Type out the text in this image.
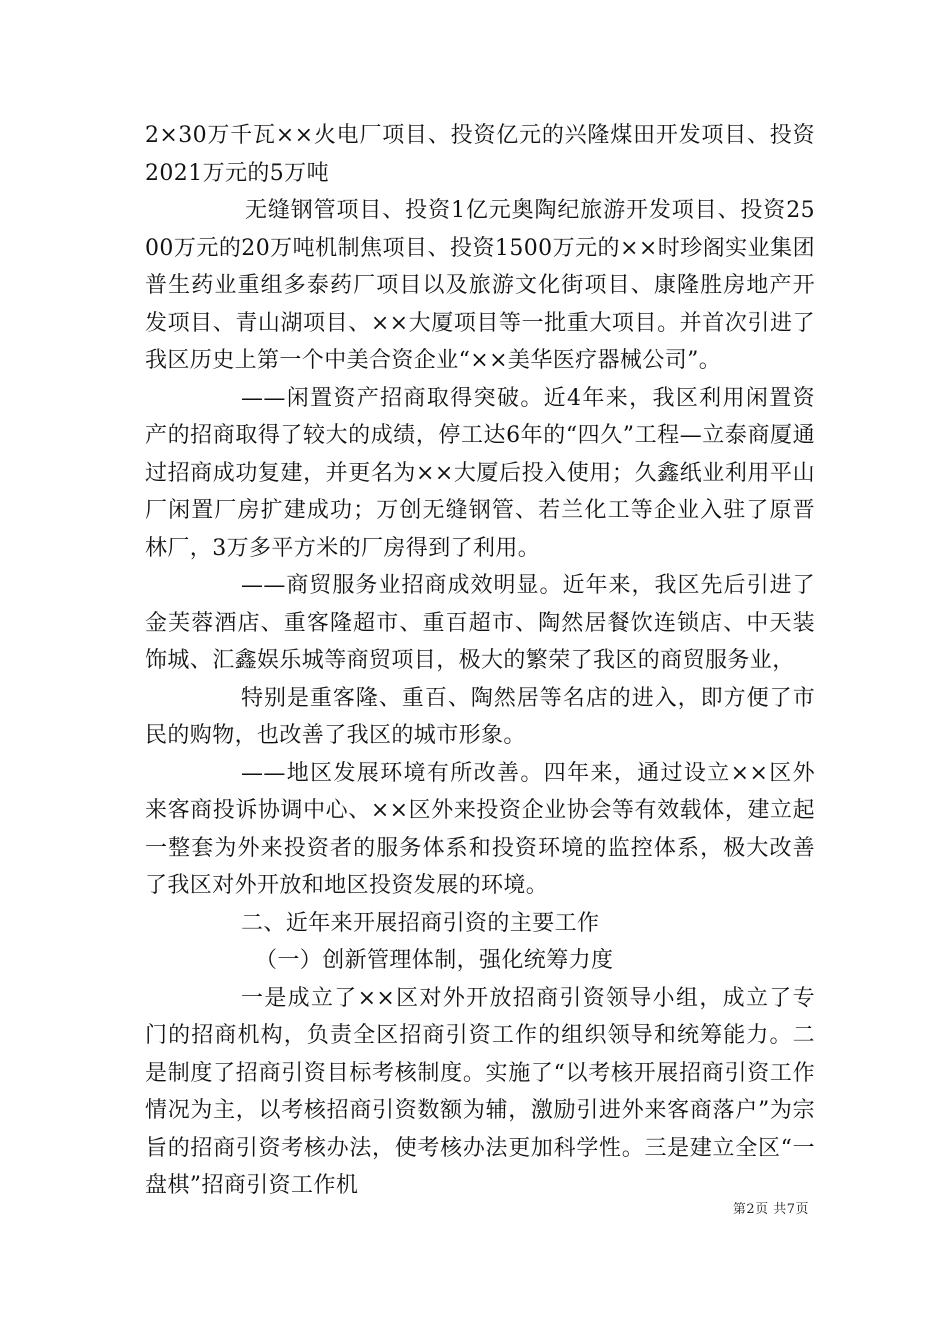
2×30万千瓦××火电厂项目、投资亿元的兴隆煤田开发项目、投资2021万元的5万吨

无缝钢管项目、投资1亿元奥陶纪旅游开发项目、投资2500万元的20万吨机制焦项目、投资1500万元的××时珍阁实业集团普生药业重组多泰药厂项目以及旅游文化街项目、康隆胜房地产开发项目、青山湖项目、××大厦项目等一批重大项目。并首次引进了我区历史上第一个中美合资企业“××美华医疗器械公司”。

——闲置资产招商取得突破。近4年来，我区利用闲置资产的招商取得了较大的成绩，停工达6年的“四久”工程—立泰商厦通过招商成功复建，并更名为××大厦后投入使用；久鑫纸业利用平山厂闲置厂房扩建成功；万创无缝钢管、若兰化工等企业入驻了原晋林厂，3万多平方米的厂房得到了利用。

——商贸服务业招商成效明显。近年来，我区先后引进了金芙蓉酒店、重客隆超市、重百超市、陶然居餐饮连锁店、中天装饰城、汇鑫娱乐城等商贸项目，极大的繁荣了我区的商贸服务业，

特别是重客隆、重百、陶然居等名店的进入，即方便了市民的购物，也改善了我区的城市形象。

——地区发展环境有所改善。四年来，通过设立××区外来客商投诉协调中心、××区外来投资企业协会等有效载体，建立起一整套为外来投资者的服务体系和投资环境的监控体系，极大改善了我区对外开放和地区投资发展的环境。

二、近年来开展招商引资的主要工作

（一）创新管理体制，强化统筹力度

一是成立了××区对外开放招商引资领导小组，成立了专门的招商机构，负责全区招商引资工作的组织领导和统筹能力。二是制度了招商引资目标考核制度。实施了“以考核开展招商引资工作情况为主，以考核招商引资数额为辅，激励引进外来客商落户”为宗旨的招商引资考核办法，使考核办法更加科学性。三是建立全区“一盘棋”招商引资工作机

第2页 共7页
